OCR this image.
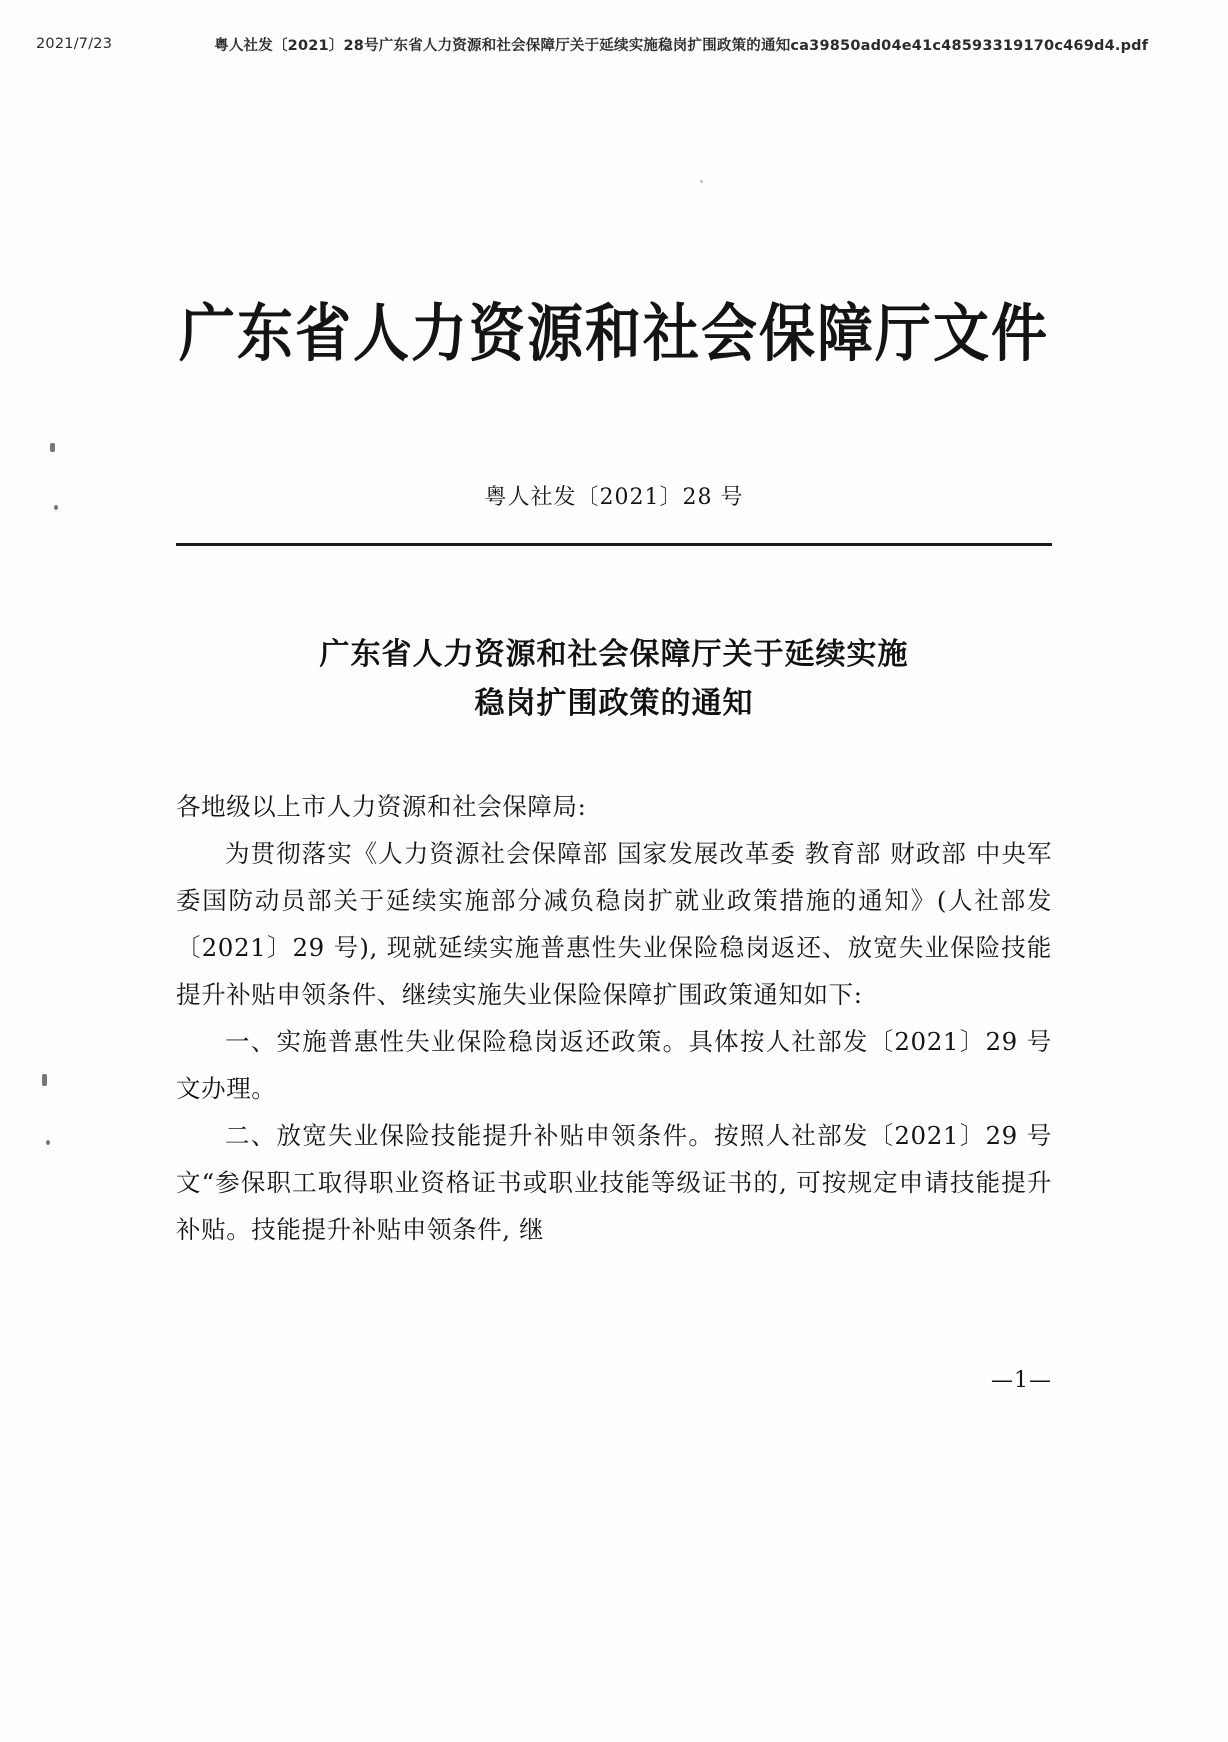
2021/7/23	粤人社发〔2021〕28号广东省人力资源和社会保障厅关于延续实施稳岗扩围政策的通知ca39850ad04e41c48593319170c469d4.pdf
广东省人力资源和社会保障厅文件
粤人社发〔2021〕28 号
广东省人力资源和社会保障厅关于延续实施
稳岗扩围政策的通知

各地级以上市人力资源和社会保障局:

为贯彻落实《人力资源社会保障部 国家发展改革委 教育部 财政部 中央军委国防动员部关于延续实施部分减负稳岗扩就业政策措施的通知》(人社部发〔2021〕29 号), 现就延续实施普惠性失业保险稳岗返还、放宽失业保险技能提升补贴申领条件、继续实施失业保险保障扩围政策通知如下:

一、实施普惠性失业保险稳岗返还政策。具体按人社部发〔2021〕29 号文办理。

二、放宽失业保险技能提升补贴申领条件。按照人社部发〔2021〕29 号文“参保职工取得职业资格证书或职业技能等级证书的, 可按规定申请技能提升补贴。技能提升补贴申领条件, 继

—1—
